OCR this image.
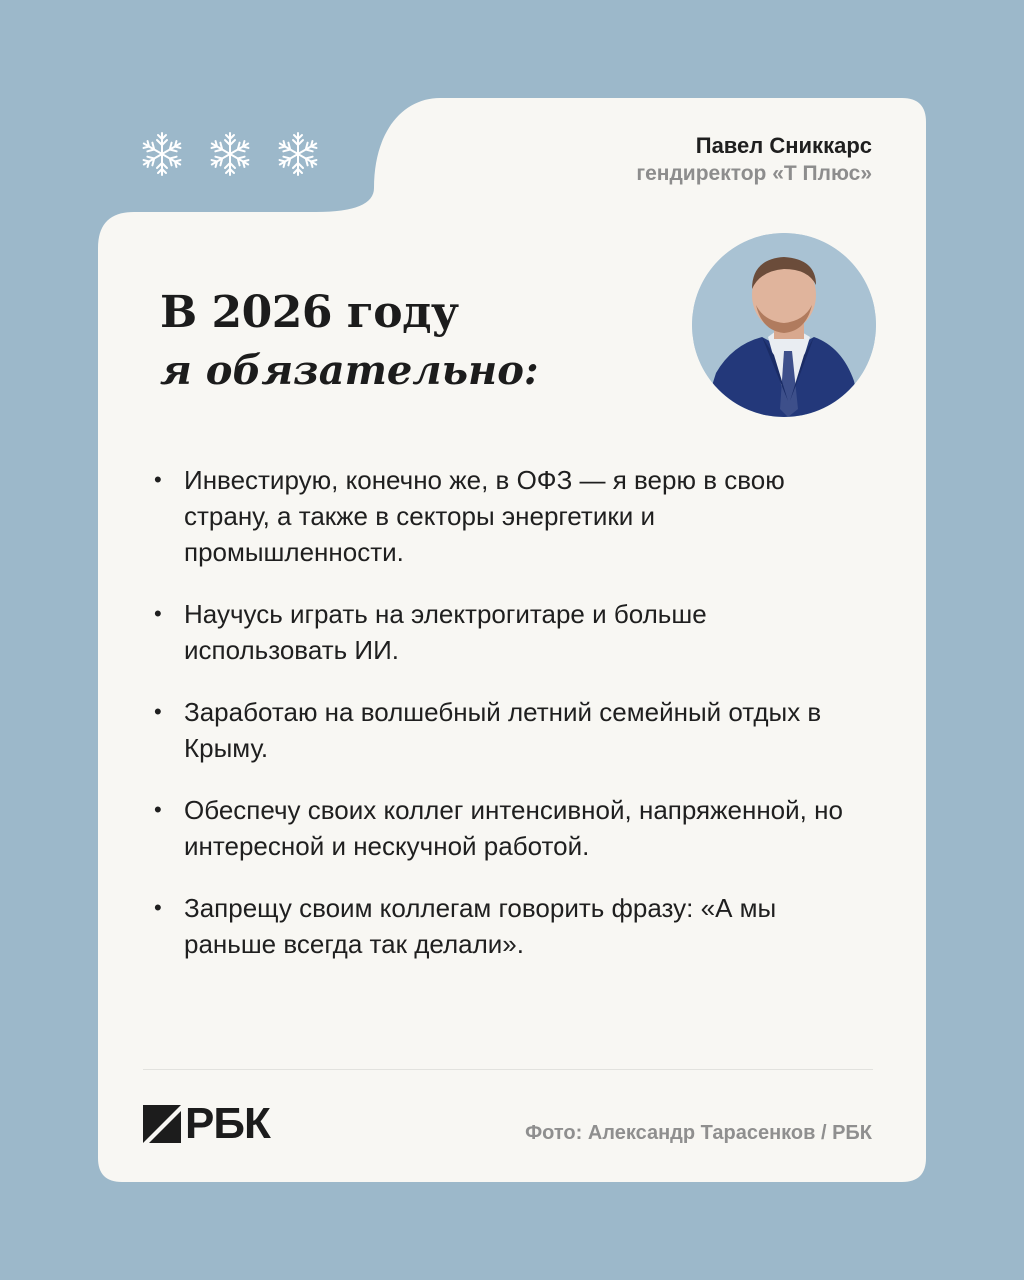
Павел Сниккарс
гендиректор «Т Плюс»
В 2026 году
я обязательно:
• Инвестирую, конечно же, в ОФЗ — я верю в свою страну, а также в секторы энергетики и промышленности.
• Научусь играть на электрогитаре и больше использовать ИИ.
• Заработаю на волшебный летний семейный отдых в Крыму.
• Обеспечу своих коллег интенсивной, напряженной, но интересной и нескучной работой.
• Запрещу своим коллегам говорить фразу: «А мы раньше всегда так делали».
РБК	Фото: Александр Тарасенков / РБК
